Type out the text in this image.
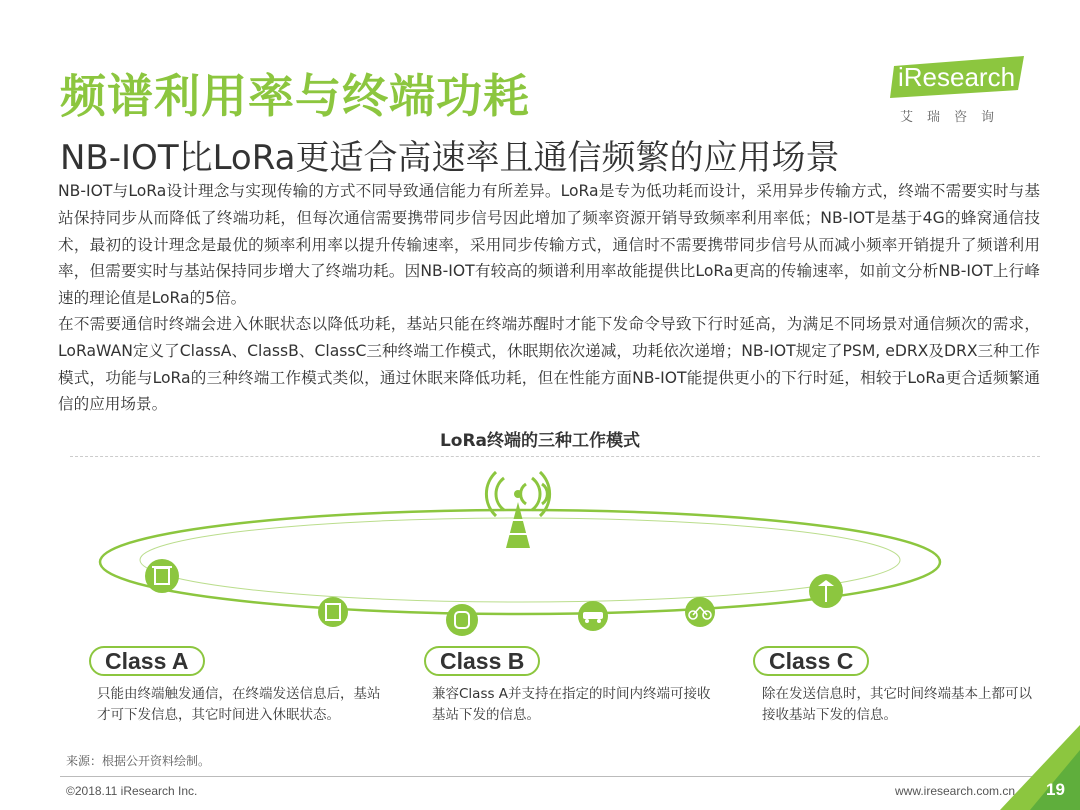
频谱利用率与终端功耗	iResearch
艾瑞咨询
NB-IOT比LoRa更适合高速率且通信频繁的应用场景
NB-IOT与LoRa设计理念与实现传输的方式不同导致通信能力有所差异。LoRa是专为低功耗而设计，采用异步传输方式，终端不需要实时与基站保持同步从而降低了终端功耗，但每次通信需要携带同步信号因此增加了频率资源开销导致频率利用率低；NB-IOT是基于4G的蜂窝通信技术，最初的设计理念是最优的频率利用率以提升传输速率，采用同步传输方式，通信时不需要携带同步信号从而减小频率开销提升了频谱利用率，但需要实时与基站保持同步增大了终端功耗。因NB-IOT有较高的频谱利用率故能提供比LoRa更高的传输速率，如前文分析NB-IOT上行峰速的理论值是LoRa的5倍。
在不需要通信时终端会进入休眠状态以降低功耗，基站只能在终端苏醒时才能下发命令导致下行时延高，为满足不同场景对通信频次的需求，LoRaWAN定义了ClassA、ClassB、ClassC三种终端工作模式，休眠期依次递减，功耗依次递增；NB-IOT规定了PSM, eDRX及DRX三种工作模式，功能与LoRa的三种终端工作模式类似，通过休眠来降低功耗，但在性能方面NB-IOT能提供更小的下行时延，相较于LoRa更合适频繁通信的应用场景。
LoRa终端的三种工作模式
Class A
只能由终端触发通信，在终端发送信息后，基站才可下发信息，其它时间进入休眠状态。
Class B
兼容Class A并支持在指定的时间内终端可接收基站下发的信息。
Class C
除在发送信息时，其它时间终端基本上都可以接收基站下发的信息。
来源：根据公开资料绘制。
©2018.11 iResearch Inc.	www.iresearch.com.cn 19
